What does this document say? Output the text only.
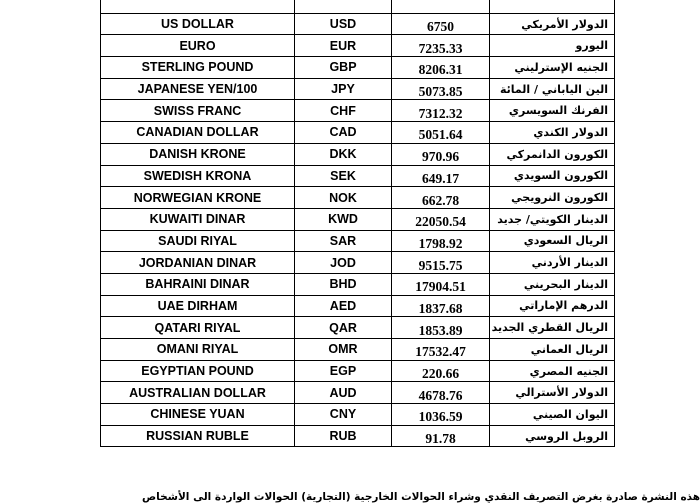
US DOLLAR	USD	6750	الدولار الأمريكي
EURO	EUR	7235.33	اليورو
STERLING POUND	GBP	8206.31	الجنيه الإسترليني
JAPANESE YEN/100	JPY	5073.85	الين الياباني / المائة
SWISS FRANC	CHF	7312.32	الفرنك السويسري
CANADIAN DOLLAR	CAD	5051.64	الدولار الكندي
DANISH KRONE	DKK	970.96	الكورون الدانمركي
SWEDISH KRONA	SEK	649.17	الكورون السويدي
NORWEGIAN KRONE	NOK	662.78	الكورون النرويجي
KUWAITI DINAR	KWD	22050.54	الدينار الكويتي/ جديد
SAUDI RIYAL	SAR	1798.92	الريال السعودي
JORDANIAN DINAR	JOD	9515.75	الدينار الأردني
BAHRAINI DINAR	BHD	17904.51	الدينار البحريني
UAE DIRHAM	AED	1837.68	الدرهم الإماراتي
QATARI RIYAL	QAR	1853.89	الريال القطري الجديد
OMANI RIYAL	OMR	17532.47	الريال العماني
EGYPTIAN POUND	EGP	220.66	الجنيه المصري
AUSTRALIAN DOLLAR	AUD	4678.76	الدولار الأسترالي
CHINESE YUAN	CNY	1036.59	اليوان الصيني
RUSSIAN RUBLE	RUB	91.78	الروبل الروسي
هذه النشرة صادرة بغرض التصريف النقدي وشراء الحوالات الخارجية (التجارية) الحوالات الواردة الى الأشخاص
